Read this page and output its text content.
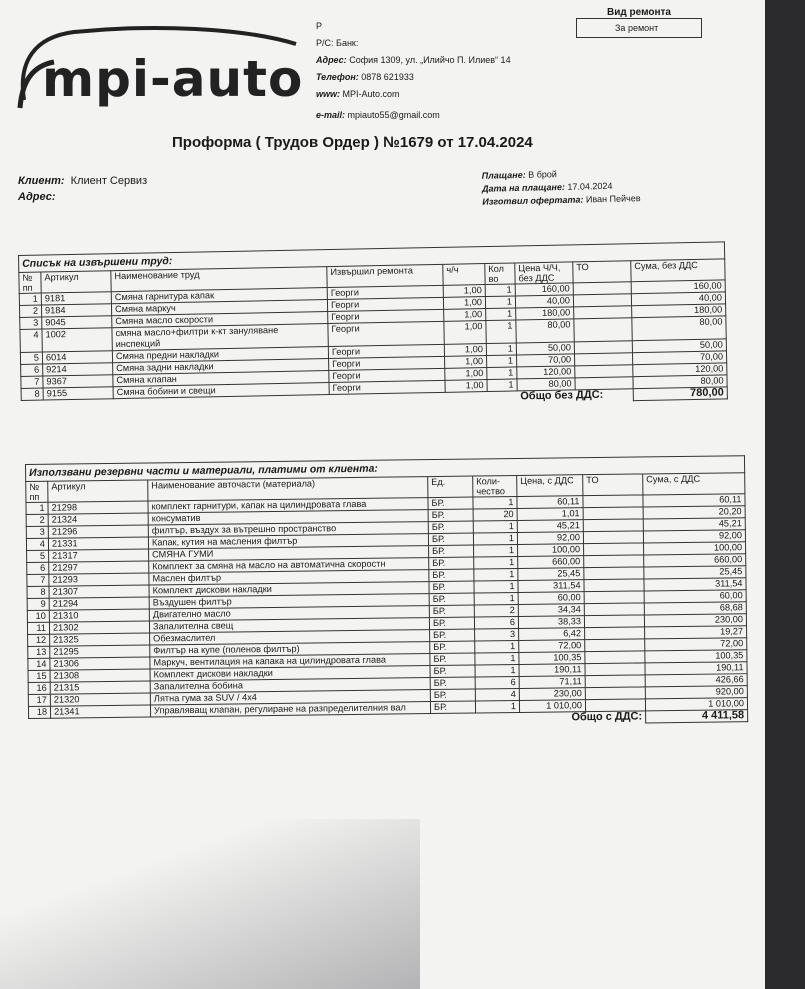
mpi-auto
Р
Р/С: Банк:
Адрес: София 1309, ул. „Илийчо П. Илиев“ 14
Телефон: 0878 621933
www: MPI-Auto.com
e-mail: mpiauto55@gmail.com
Вид ремонта
За ремонт
Проформа ( Трудов Ордер ) №1679 от 17.04.2024
Клиент: Клиент Сервиз
Адрес:
Плащане: В брой
Дата на плащане: 17.04.2024
Изготвил офертата: Иван Пейчев
Списък на извършени труд:
№ пп	Артикул	Наименование труд	Извършил ремонта	ч/ч	Кол во	Цена Ч/Ч, без ДДС	ТО	Сума, без ДДС
1	9181	Смяна гарнитура капак	Георги	1,00	1	160,00		160,00
2	9184	Смяна маркуч	Георги	1,00	1	40,00		40,00
3	9045	Смяна масло скорости	Георги	1,00	1	180,00		180,00
4	1002	смяна масло+филтри к-кт зануляване инспекций	Георги	1,00	1	80,00		80,00
5	6014	Смяна предни накладки	Георги	1,00	1	50,00		50,00
6	9214	Смяна задни накладки	Георги	1,00	1	70,00		70,00
7	9367	Смяна клапан	Георги	1,00	1	120,00		120,00
8	9155	Смяна бобини и свещи	Георги	1,00	1	80,00		80,00
						Общо без ДДС:		780,00
Използвани резервни части и материали, платими от клиента:
№ пп	Артикул	Наименование авточасти (материала)	Ед.	Коли-чество	Цена, с ДДС	ТО	Сума, с ДДС
1	21298	комплект гарнитури, капак на цилиндровата глава	БР.	1	60,11		60,11
2	21324	консуматив	БР.	20	1,01		20,20
3	21296	филтър, въздух за вътрешно пространство	БР.	1	45,21		45,21
4	21331	Капак, кутия на масления филтър	БР.	1	92,00		92,00
5	21317	СМЯНА ГУМИ	БР.	1	100,00		100,00
6	21297	Комплект за смяна на масло на автоматична скоростн	БР.	1	660,00		660,00
7	21293	Маслен филтър	БР.	1	25,45		25,45
8	21307	Комплект дискови накладки	БР.	1	311,54		311,54
9	21294	Въздушен филтър	БР.	1	60,00		60,00
10	21310	Двигателно масло	БР.	2	34,34		68,68
11	21302	Запалителна свещ	БР.	6	38,33		230,00
12	21325	Обезмаслител	БР.	3	6,42		19,27
13	21295	Филтър на купе (поленов филтър)	БР.	1	72,00		72,00
14	21306	Маркуч, вентилация на капака на цилиндровата глава	БР.	1	100,35		100,35
15	21308	Комплект дискови накладки	БР.	1	190,11		190,11
16	21315	Запалителна бобина	БР.	6	71,11		426,66
17	21320	Лятна гума за SUV / 4x4	БР.	4	230,00		920,00
18	21341	Управляващ клапан, регулиране на разпределителния вал	БР.	1	1 010,00		1 010,00
					Общо с ДДС:		4 411,58
